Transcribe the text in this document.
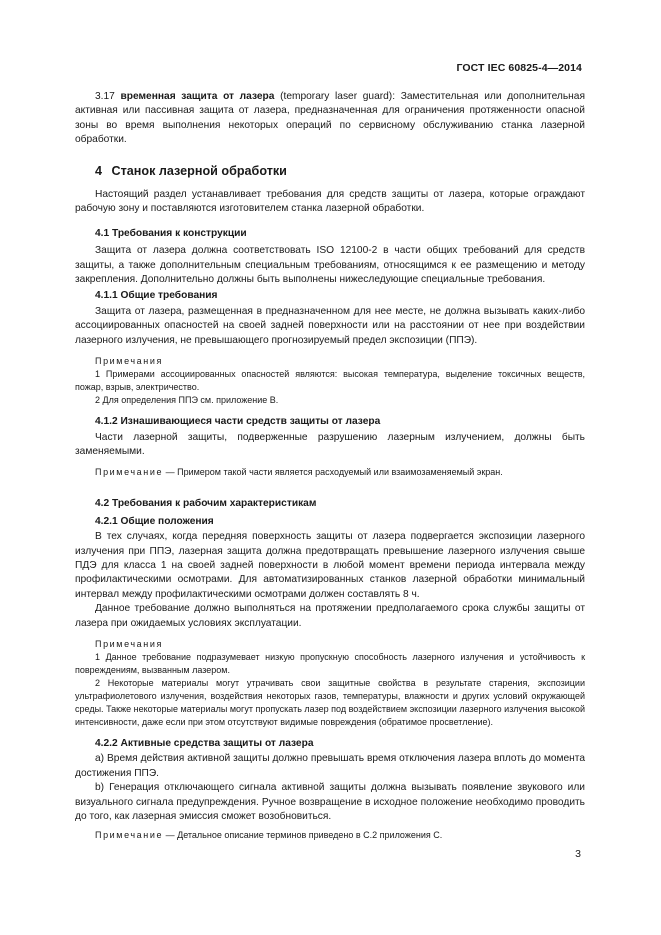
ГОСТ IEC 60825-4—2014

3.17 временная защита от лазера (temporary laser guard): Заместительная или дополнительная активная или пассивная защита от лазера, предназначенная для ограничения протяженности опасной зоны во время выполнения некоторых операций по сервисному обслуживанию станка лазерной обработки.

4 Станок лазерной обработки

Настоящий раздел устанавливает требования для средств защиты от лазера, которые ограждают рабочую зону и поставляются изготовителем станка лазерной обработки.

4.1 Требования к конструкции

Защита от лазера должна соответствовать ISO 12100-2 в части общих требований для средств защиты, а также дополнительным специальным требованиям, относящимся к ее размещению и методу закрепления. Дополнительно должны быть выполнены нижеследующие специальные требования.

4.1.1 Общие требования

Защита от лазера, размещенная в предназначенном для нее месте, не должна вызывать каких-либо ассоциированных опасностей на своей задней поверхности или на расстоянии от нее при воздействии лазерного излучения, не превышающего прогнозируемый предел экспозиции (ППЭ).

Примечания

1 Примерами ассоциированных опасностей являются: высокая температура, выделение токсичных веществ, пожар, взрыв, электричество.

2 Для определения ППЭ см. приложение В.

4.1.2 Изнашивающиеся части средств защиты от лазера

Части лазерной защиты, подверженные разрушению лазерным излучением, должны быть заменяемыми.

Примечание — Примером такой части является расходуемый или взаимозаменяемый экран.

4.2 Требования к рабочим характеристикам
4.2.1 Общие положения

В тех случаях, когда передняя поверхность защиты от лазера подвергается экспозиции лазерного излучения при ППЭ, лазерная защита должна предотвращать превышение лазерного излучения свыше ПДЭ для класса 1 на своей задней поверхности в любой момент времени периода интервала между профилактическими осмотрами. Для автоматизированных станков лазерной обработки минимальный интервал между профилактическими осмотрами должен составлять 8 ч.

Данное требование должно выполняться на протяжении предполагаемого срока службы защиты от лазера при ожидаемых условиях эксплуатации.

Примечания

1 Данное требование подразумевает низкую пропускную способность лазерного излучения и устойчивость к повреждениям, вызванным лазером.

2 Некоторые материалы могут утрачивать свои защитные свойства в результате старения, экспозиции ультрафиолетового излучения, воздействия некоторых газов, температуры, влажности и других условий окружающей среды. Также некоторые материалы могут пропускать лазер под воздействием экспозиции лазерного излучения высокой интенсивности, даже если при этом отсутствуют видимые повреждения (обратимое просветление).

4.2.2 Активные средства защиты от лазера

a) Время действия активной защиты должно превышать время отключения лазера вплоть до момента достижения ППЭ.

b) Генерация отключающего сигнала активной защиты должна вызывать появление звукового или визуального сигнала предупреждения. Ручное возвращение в исходное положение необходимо проводить до того, как лазерная эмиссия сможет возобновиться.

Примечание — Детальное описание терминов приведено в С.2 приложения С.

3
